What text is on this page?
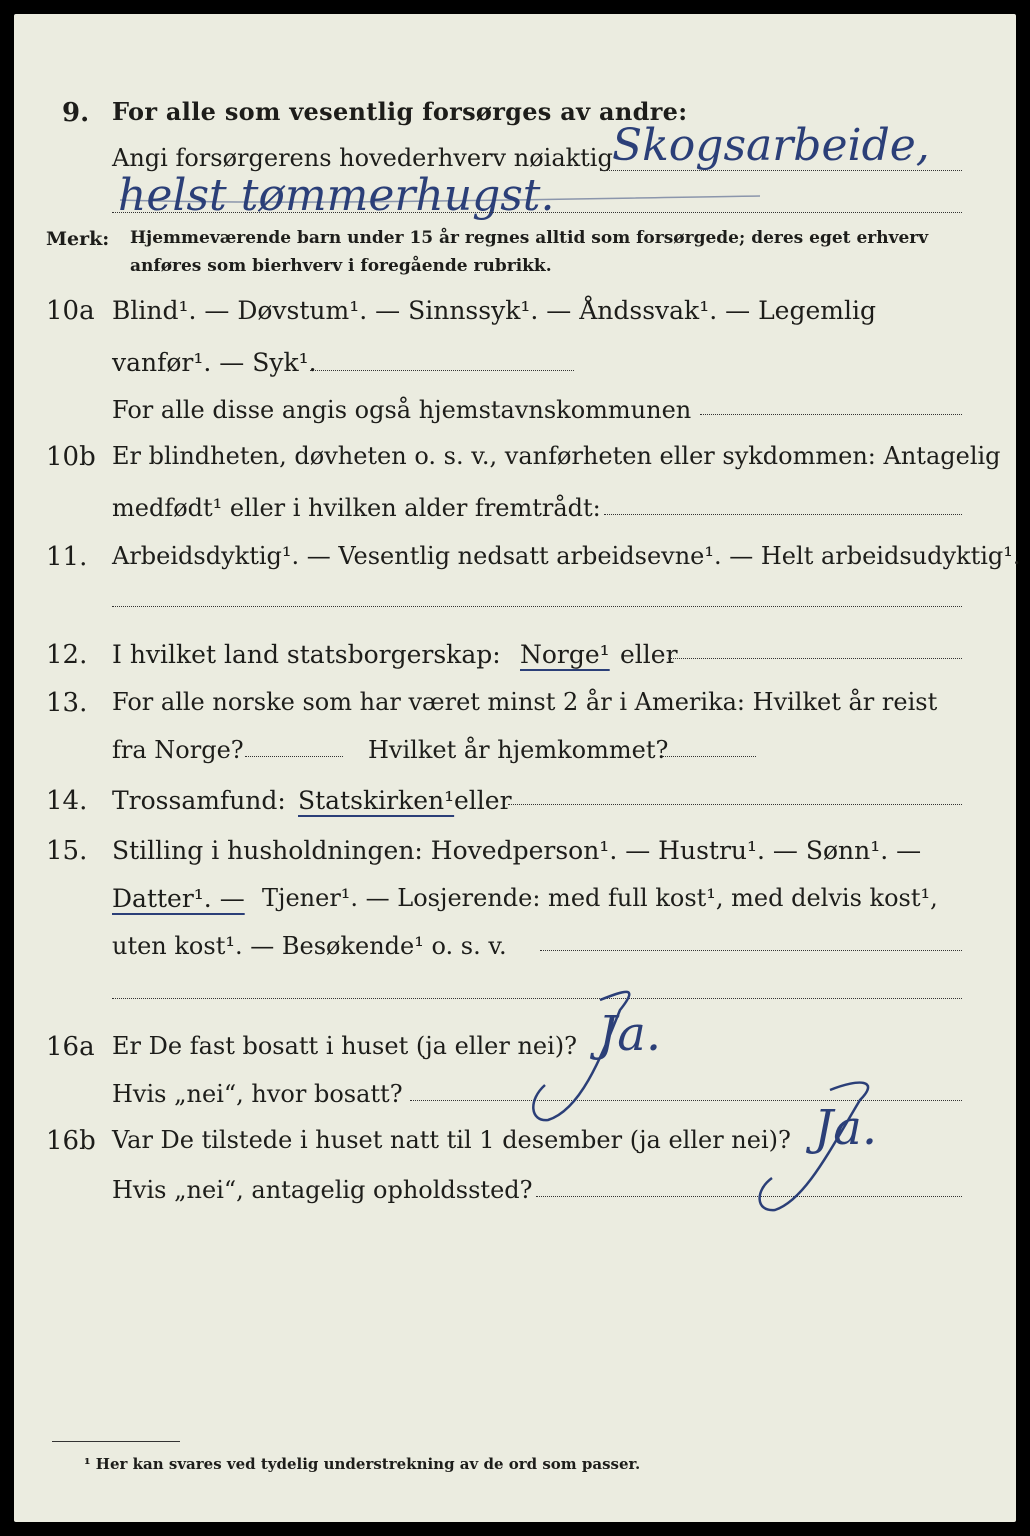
9. For alle som vesentlig forsørges av andre:
Angi forsørgerens hovederhverv nøiaktig Skogsarbeide,
helst tømmerhugst.
Merk: Hjemmeværende barn under 15 år regnes alltid som forsørgede; deres eget erhverv
anføres som bierhverv i foregående rubrikk.
10a Blind¹. — Døvstum¹. — Sinnssyk¹. — Åndssvak¹. — Legemlig
vanfør¹. — Syk¹.
For alle disse angis også hjemstavnskommunen
10b Er blindheten, døvheten o. s. v., vanførheten eller sykdommen: Antagelig
medfødt¹ eller i hvilken alder fremtrådt:
11. Arbeidsdyktig¹. — Vesentlig nedsatt arbeidsevne¹. — Helt arbeidsudyktig¹.
12. I hvilket land statsborgerskap: Norge¹ eller
13. For alle norske som har været minst 2 år i Amerika: Hvilket år reist
fra Norge?	Hvilket år hjemkommet?
14. Trossamfund: Statskirken¹ eller
15. Stilling i husholdningen: Hovedperson¹. — Hustru¹. — Sønn¹. —
Datter¹. — Tjener¹. — Losjerende: med full kost¹, med delvis kost¹,
uten kost¹. — Besøkende¹ o. s. v.
16a Er De fast bosatt i huset (ja eller nei)? Ja.
Hvis „nei“, hvor bosatt?
16b Var De tilstede i huset natt til 1 desember (ja eller nei)? Ja.
Hvis „nei“, antagelig opholdssted?
¹ Her kan svares ved tydelig understrekning av de ord som passer.
